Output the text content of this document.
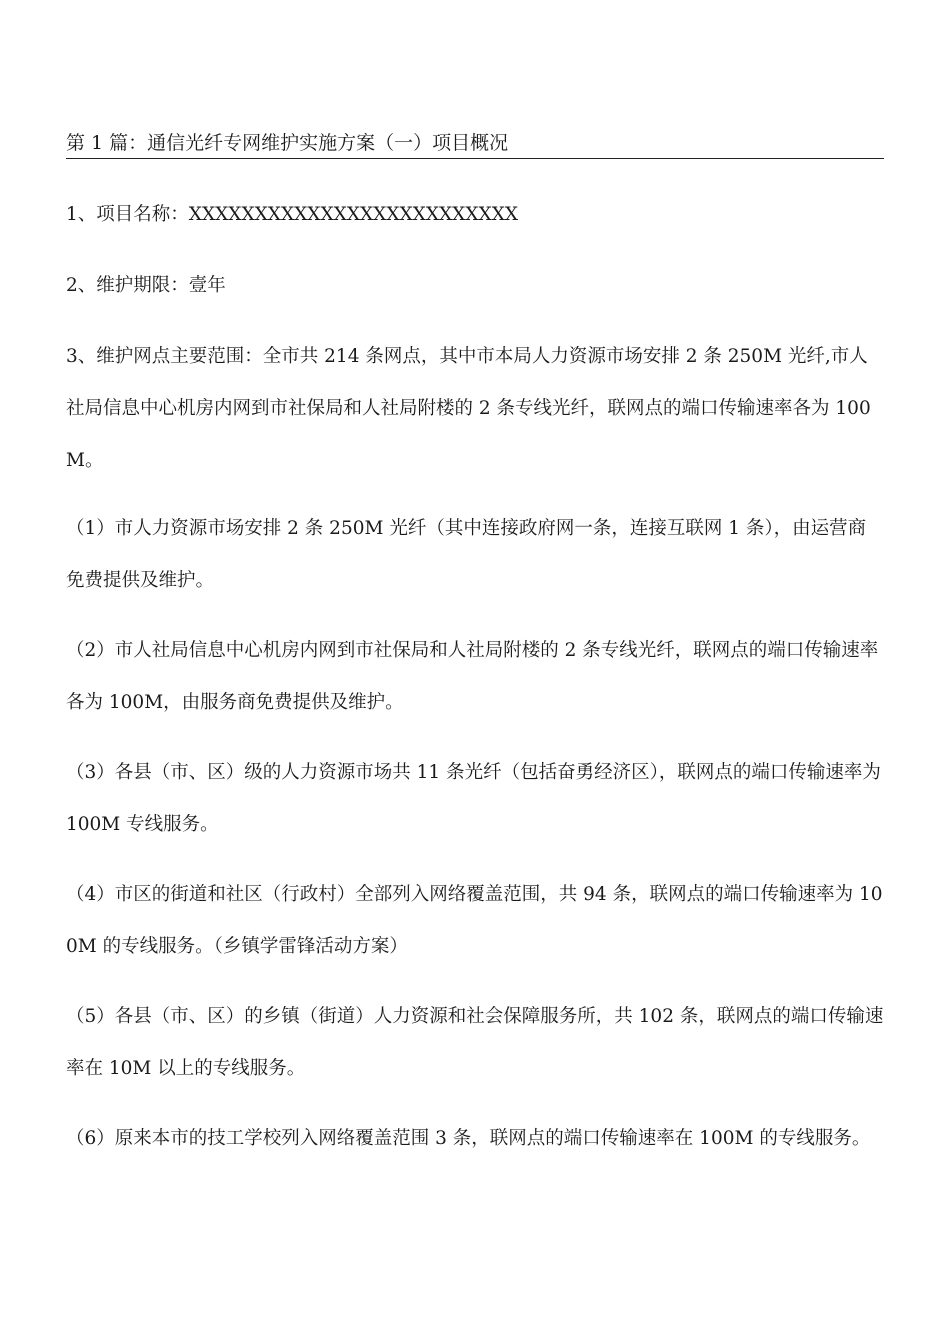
第 1 篇：通信光纤专网维护实施方案（一）项目概况

1、项目名称：XXXXXXXXXXXXXXXXXXXXXXXXX

2、维护期限：壹年

3、维护网点主要范围：全市共 214 条网点，其中市本局人力资源市场安排 2 条 250M 光纤,市人社局信息中心机房内网到市社保局和人社局附楼的 2 条专线光纤，联网点的端口传输速率各为 100M。

（1）市人力资源市场安排 2 条 250M 光纤（其中连接政府网一条，连接互联网 1 条），由运营商免费提供及维护。

（2）市人社局信息中心机房内网到市社保局和人社局附楼的 2 条专线光纤，联网点的端口传输速率各为 100M，由服务商免费提供及维护。

（3）各县（市、区）级的人力资源市场共 11 条光纤（包括奋勇经济区），联网点的端口传输速率为 100M 专线服务。

（4）市区的街道和社区（行政村）全部列入网络覆盖范围，共 94 条，联网点的端口传输速率为 100M 的专线服务。（乡镇学雷锋活动方案）

（5）各县（市、区）的乡镇（街道）人力资源和社会保障服务所，共 102 条，联网点的端口传输速率在 10M 以上的专线服务。

（6）原来本市的技工学校列入网络覆盖范围 3 条，联网点的端口传输速率在 100M 的专线服务。
